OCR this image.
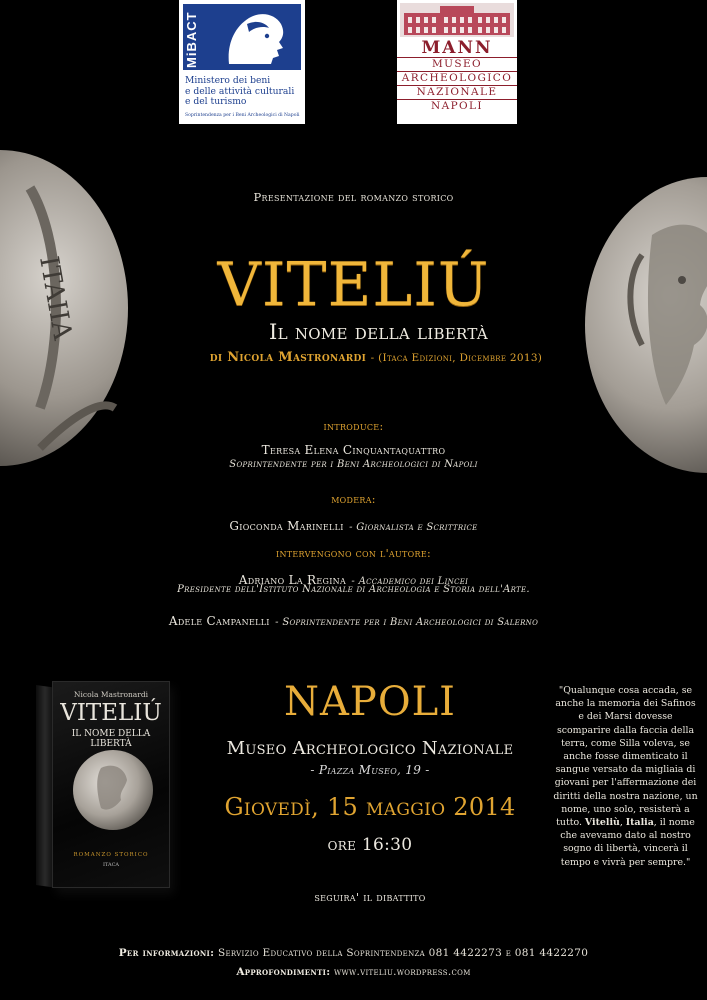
MiBACT
Ministero dei beni
e delle attività culturali
e del turismo
Soprintendenza per i Beni Archeologici di Napoli
MANN
MUSEO
ARCHEOLOGICO
NAZIONALE
NAPOLI
ITAIIA
Presentazione del romanzo storico
VITELIÚ
Il nome della libertà
di Nicola Mastronardi - (Itaca Edizioni, Dicembre 2013)
introduce:
Teresa Elena Cinquantaquattro
Soprintendente per i Beni Archeologici di Napoli
modera:
Gioconda Marinelli - Giornalista e Scrittrice
intervengono con l'autore:
Adriano La Regina - Accademico dei Lincei
Presidente dell'Istituto Nazionale di Archeologia e Storia dell'Arte.
Adele Campanelli - Soprintendente per i Beni Archeologici di Salerno
Nicola Mastronardi
VITELIÚ
IL NOME DELLA LIBERTÀ
ROMANZO STORICO
ITACA
NAPOLI
Museo Archeologico Nazionale
- Piazza Museo, 19 -
Giovedì, 15 maggio 2014
ore 16:30
seguira' il dibattito
"Qualunque cosa accada, se anche la memoria dei Safinos e dei Marsi dovesse scomparire dalla faccia della terra, come Silla voleva, se anche fosse dimenticato il sangue versato da migliaia di giovani per l'affermazione dei diritti della nostra nazione, un nome, uno solo, resisterà a tutto. Viteliù, Italia, il nome che avevamo dato al nostro sogno di libertà, vincerà il tempo e vivrà per sempre."
Per informazioni: Servizio Educativo della Soprintendenza 081 4422273 e 081 4422270
Approfondimenti: www.viteliu.wordpress.com
